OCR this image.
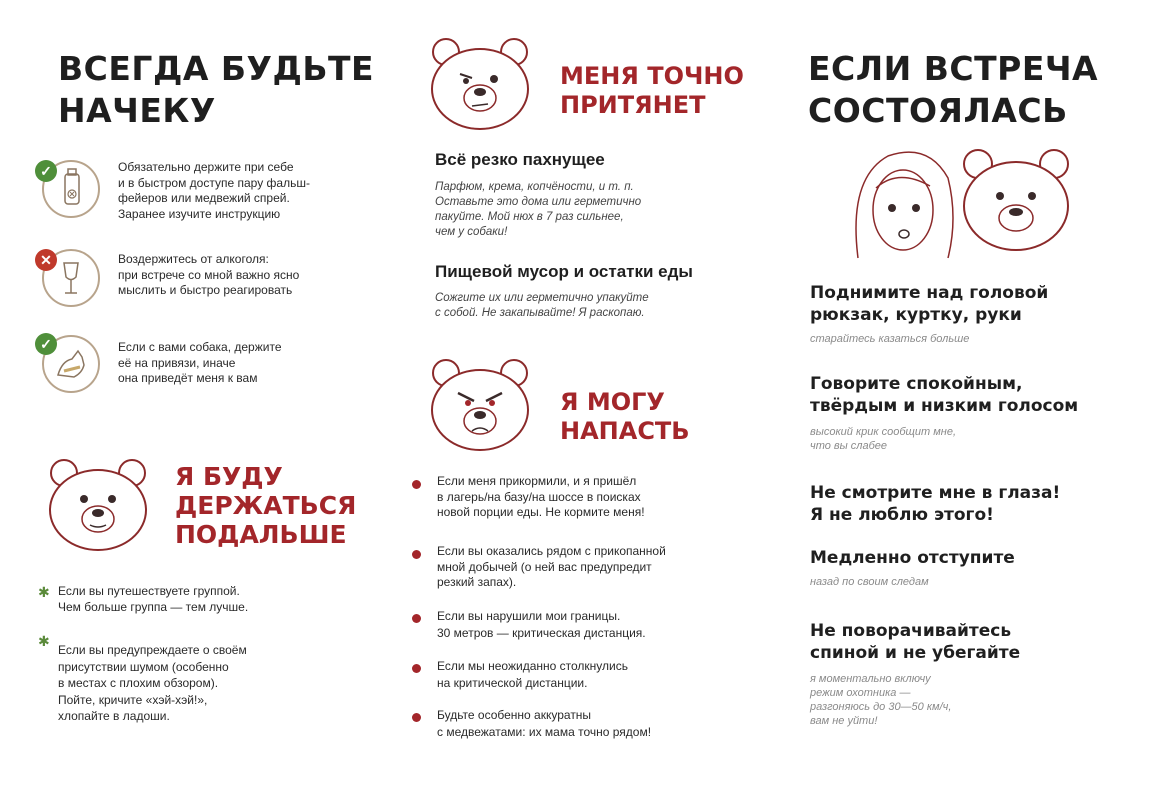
ВСЕГДА БУДЬТЕ
НАЧЕКУ
✓	Обязательно держите при себе
и в быстром доступе пару фальш-
фейеров или медвежий спрей.
Заранее изучите инструкцию
✕	Воздержитесь от алкоголя:
при встрече со мной важно ясно
мыслить и быстро реагировать
✓	Если с вами собака, держите
её на привязи, иначе
она приведёт меня к вам
Я БУДУ
ДЕРЖАТЬСЯ
ПОДАЛЬШЕ
✱ Если вы путешествуете группой.
Чем больше группа — тем лучше.
✱
Если вы предупреждаете о своём
присутствии шумом (особенно
в местах с плохим обзором).
Пойте, кричите «хэй-хэй!»,
хлопайте в ладоши.
МЕНЯ ТОЧНО
ПРИТЯНЕТ
Всё резко пахнущее
Парфюм, крема, копчёности, и т. п.
Оставьте это дома или герметично
пакуйте. Мой нюх в 7 раз сильнее,
чем у собаки!
Пищевой мусор и остатки еды
Сожгите их или герметично упакуйте
с собой. Не закапывайте! Я раскопаю.
Я МОГУ
НАПАСТЬ
Если меня прикормили, и я пришёл
в лагерь/на базу/на шоссе в поисках
новой порции еды. Не кормите меня!
Если вы оказались рядом с прикопанной
мной добычей (о ней вас предупредит
резкий запах).
Если вы нарушили мои границы.
30 метров — критическая дистанция.
Если мы неожиданно столкнулись
на критической дистанции.
Будьте особенно аккуратны
с медвежатами: их мама точно рядом!
ЕСЛИ ВСТРЕЧА
СОСТОЯЛАСЬ
Поднимите над головой
рюкзак, куртку, руки
старайтесь казаться больше
Говорите спокойным,
твёрдым и низким голосом
высокий крик сообщит мне,
что вы слабее
Не смотрите мне в глаза!
Я не люблю этого!
Медленно отступите
назад по своим следам
Не поворачивайтесь
спиной и не убегайте
я моментально включу
режим охотника —
разгоняюсь до 30—50 км/ч,
вам не уйти!
